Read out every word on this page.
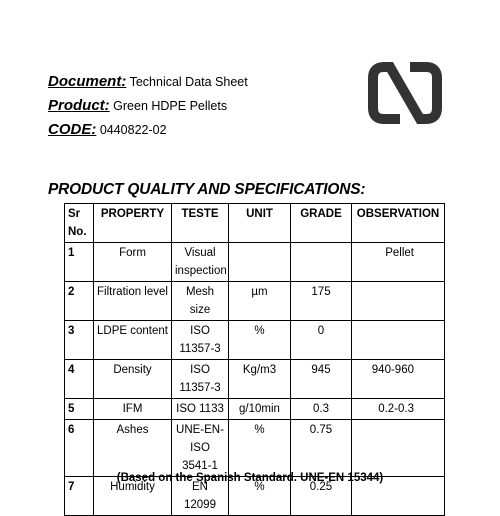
Document: Technical Data Sheet
Product: Green HDPE Pellets
CODE: 0440822-02
PRODUCT QUALITY AND SPECIFICATIONS:
Sr No.	PROPERTY	TESTE	UNIT	GRADE	OBSERVATION
1	Form	Visual inspection			Pellet
2	Filtration level	Mesh size	µm	175	
3	LDPE content	ISO 11357-3	%	0	
4	Density	ISO 11357-3	Kg/m3	945	940-960
5	IFM	ISO 1133	g/10min	0.3	0.2-0.3
6	Ashes	UNE-EN-ISO 3541-1	%	0.75	
7	Humidity	EN 12099	%	0.25	
(Based on the Spanish Standard. UNE-EN 15344)
